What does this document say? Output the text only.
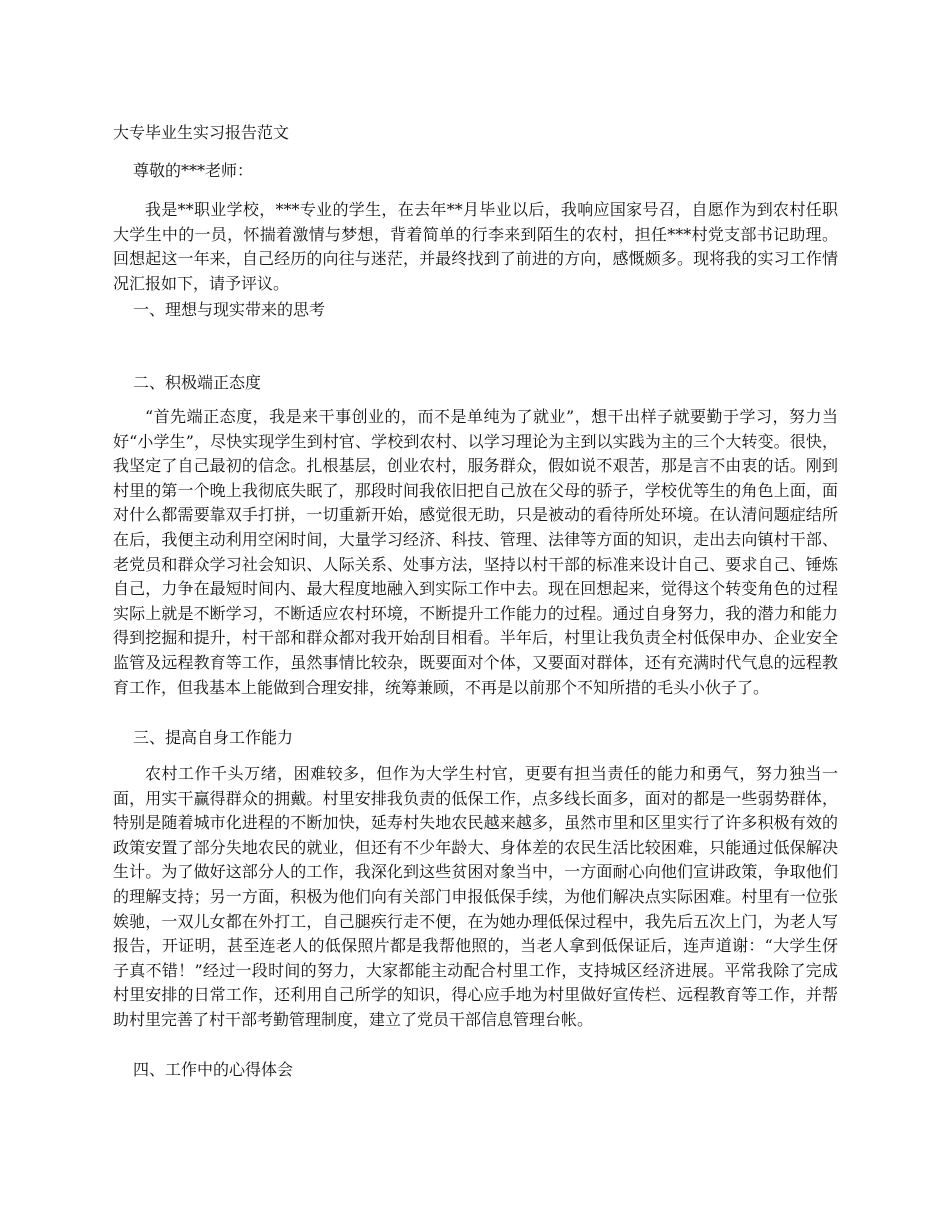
大专毕业生实习报告范文
尊敬的***老师：

我是**职业学校，***专业的学生，在去年**月毕业以后，我响应国家号召，自愿作为到农村任职大学生中的一员，怀揣着激情与梦想，背着简单的行李来到陌生的农村，担任***村党支部书记助理。回想起这一年来，自己经历的向往与迷茫，并最终找到了前进的方向，感慨颇多。现将我的实习工作情况汇报如下，请予评议。

一、理想与现实带来的思考
二、积极端正态度

“首先端正态度，我是来干事创业的，而不是单纯为了就业”，想干出样子就要勤于学习，努力当好“小学生”，尽快实现学生到村官、学校到农村、以学习理论为主到以实践为主的三个大转变。很快，我坚定了自己最初的信念。扎根基层，创业农村，服务群众，假如说不艰苦，那是言不由衷的话。刚到村里的第一个晚上我彻底失眠了，那段时间我依旧把自己放在父母的骄子，学校优等生的角色上面，面对什么都需要靠双手打拼，一切重新开始，感觉很无助，只是被动的看待所处环境。在认清问题症结所在后，我便主动利用空闲时间，大量学习经济、科技、管理、法律等方面的知识，走出去向镇村干部、老党员和群众学习社会知识、人际关系、处事方法，坚持以村干部的标准来设计自己、要求自己、锤炼自己，力争在最短时间内、最大程度地融入到实际工作中去。现在回想起来，觉得这个转变角色的过程实际上就是不断学习，不断适应农村环境，不断提升工作能力的过程。通过自身努力，我的潜力和能力得到挖掘和提升，村干部和群众都对我开始刮目相看。半年后，村里让我负责全村低保申办、企业安全监管及远程教育等工作，虽然事情比较杂，既要面对个体，又要面对群体，还有充满时代气息的远程教育工作，但我基本上能做到合理安排，统筹兼顾，不再是以前那个不知所措的毛头小伙子了。

三、提高自身工作能力

农村工作千头万绪，困难较多，但作为大学生村官，更要有担当责任的能力和勇气，努力独当一面，用实干赢得群众的拥戴。村里安排我负责的低保工作，点多线长面多，面对的都是一些弱势群体，特别是随着城市化进程的不断加快，延寿村失地农民越来越多，虽然市里和区里实行了许多积极有效的政策安置了部分失地农民的就业，但还有不少年龄大、身体差的农民生活比较困难，只能通过低保解决生计。为了做好这部分人的工作，我深化到这些贫困对象当中，一方面耐心向他们宣讲政策，争取他们的理解支持；另一方面，积极为他们向有关部门申报低保手续，为他们解决点实际困难。村里有一位张娭驰，一双儿女都在外打工，自己腿疾行走不便，在为她办理低保过程中，我先后五次上门，为老人写报告，开证明，甚至连老人的低保照片都是我帮他照的，当老人拿到低保证后，连声道谢：“大学生伢子真不错！”经过一段时间的努力，大家都能主动配合村里工作，支持城区经济进展。平常我除了完成村里安排的日常工作，还利用自己所学的知识，得心应手地为村里做好宣传栏、远程教育等工作，并帮助村里完善了村干部考勤管理制度，建立了党员干部信息管理台帐。

四、工作中的心得体会
